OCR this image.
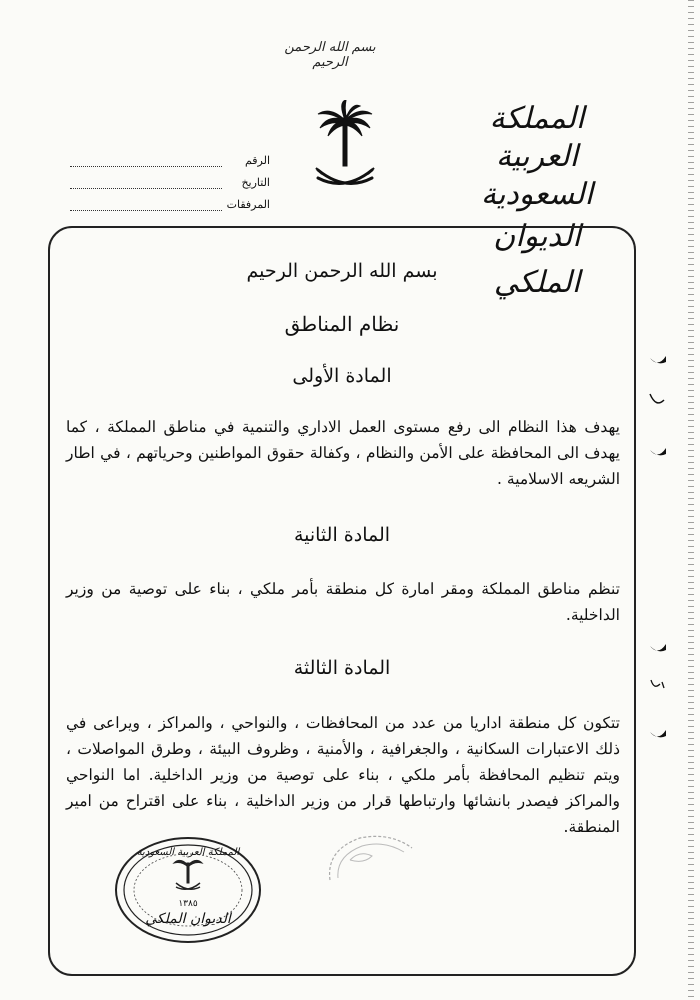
بسم الله الرحمن الرحيم
المملكة العربية السعودية
الديوان الملكي
الرقم
التاريخ
المرفقات
بسم الله الرحمن الرحيم
نظام المناطق
المادة الأولى
يهدف هذا النظام الى رفع مستوى العمل الاداري والتنمية في مناطق المملكة ، كما يهدف الى المحافظة على الأمن والنظام ، وكفالة حقوق المواطنين وحرياتهم ، في اطار الشريعه الاسلامية .
المادة الثانية
تنظم مناطق المملكة ومقر امارة كل منطقة بأمر ملكي ، بناء على توصية من وزير الداخلية.
المادة الثالثة
تتكون كل منطقة اداريا من عدد من المحافظات ، والنواحي ، والمراكز ، ويراعى في ذلك الاعتبارات السكانية ، والجغرافية ، والأمنية ، وظروف البيئة ، وطرق المواصلات ، ويتم تنظيم المحافظة بأمر ملكي ، بناء على توصية من وزير الداخلية. اما النواحي والمراكز فيصدر بانشائها وارتباطها قرار من وزير الداخلية ، بناء على اقتراح من امير المنطقة.
المملكة العربية السعودية
١٣٨٥
الديوان الملكي
